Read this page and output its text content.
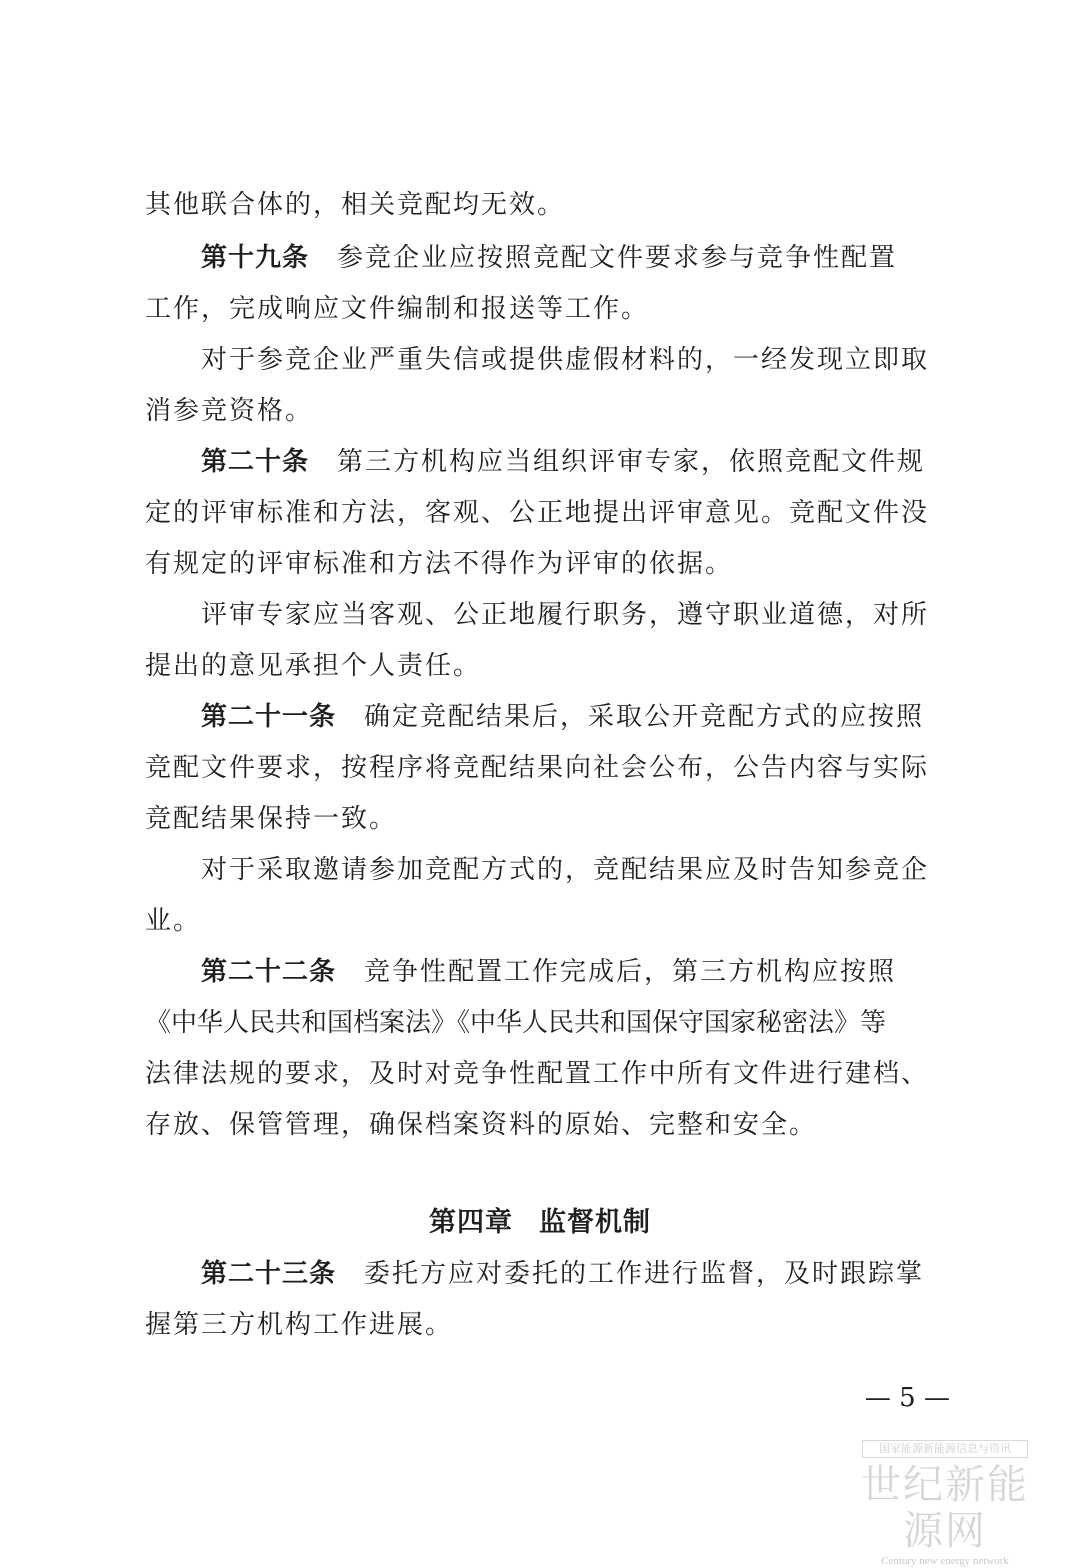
其他联合体的，相关竞配均无效。
第十九条 参竞企业应按照竞配文件要求参与竞争性配置
工作，完成响应文件编制和报送等工作。
对于参竞企业严重失信或提供虚假材料的，一经发现立即取
消参竞资格。
第二十条 第三方机构应当组织评审专家，依照竞配文件规
定的评审标准和方法，客观、公正地提出评审意见。竞配文件没
有规定的评审标准和方法不得作为评审的依据。
评审专家应当客观、公正地履行职务，遵守职业道德，对所
提出的意见承担个人责任。
第二十一条 确定竞配结果后，采取公开竞配方式的应按照
竞配文件要求，按程序将竞配结果向社会公布，公告内容与实际
竞配结果保持一致。
对于采取邀请参加竞配方式的，竞配结果应及时告知参竞企
业。
第二十二条 竞争性配置工作完成后，第三方机构应按照
《中华人民共和国档案法》《中华人民共和国保守国家秘密法》等
法律法规的要求，及时对竞争性配置工作中所有文件进行建档、
存放、保管管理，确保档案资料的原始、完整和安全。
第四章 监督机制
第二十三条 委托方应对委托的工作进行监督，及时跟踪掌
握第三方机构工作进展。
— 5 —
国家能源新能源信息与资讯
世纪新能源网
Century new energy network
